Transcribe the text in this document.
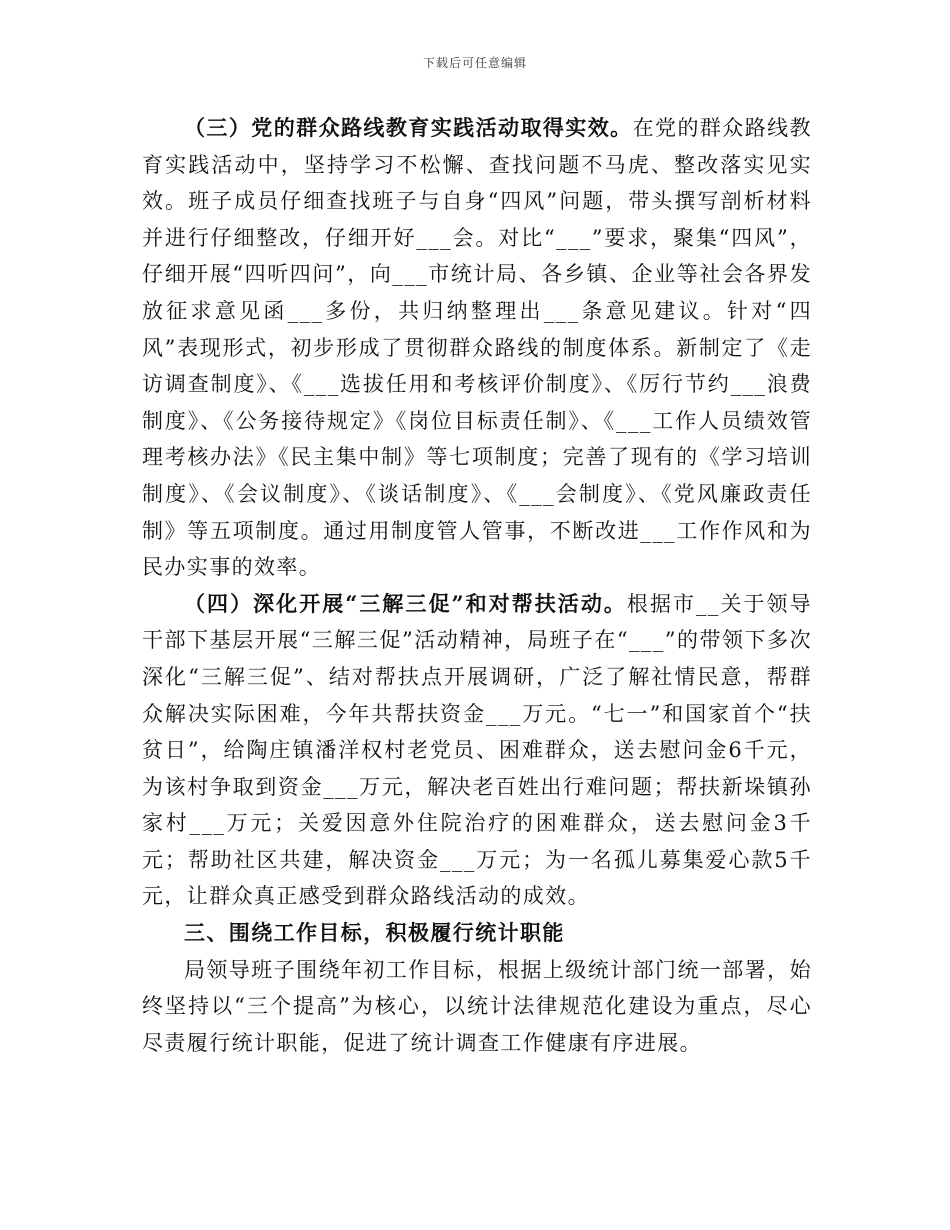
下载后可任意编辑

（三）党的群众路线教育实践活动取得实效。在党的群众路线教育实践活动中，坚持学习不松懈、查找问题不马虎、整改落实见实效。班子成员仔细查找班子与自身“四风”问题，带头撰写剖析材料并进行仔细整改，仔细开好___会。对比“___”要求，聚集“四风”，仔细开展“四听四问”，向___市统计局、各乡镇、企业等社会各界发放征求意见函___多份，共归纳整理出___条意见建议。针对“四风”表现形式，初步形成了贯彻群众路线的制度体系。新制定了《走访调查制度》、《___选拔任用和考核评价制度》、《厉行节约___浪费制度》、《公务接待规定》《岗位目标责任制》、《___工作人员绩效管理考核办法》《民主集中制》等七项制度；完善了现有的《学习培训制度》、《会议制度》、《谈话制度》、《___会制度》、《党风廉政责任制》等五项制度。通过用制度管人管事，不断改进___工作作风和为民办实事的效率。

（四）深化开展“三解三促”和对帮扶活动。根据市__关于领导干部下基层开展“三解三促”活动精神，局班子在“___”的带领下多次深化“三解三促”、结对帮扶点开展调研，广泛了解社情民意，帮群众解决实际困难，今年共帮扶资金___万元。“七一”和国家首个“扶贫日”，给陶庄镇潘洋权村老党员、困难群众，送去慰问金6千元，为该村争取到资金___万元，解决老百姓出行难问题；帮扶新垛镇孙家村___万元；关爱因意外住院治疗的困难群众，送去慰问金3千元；帮助社区共建，解决资金___万元；为一名孤儿募集爱心款5千元，让群众真正感受到群众路线活动的成效。

三、围绕工作目标，积极履行统计职能

局领导班子围绕年初工作目标，根据上级统计部门统一部署，始终坚持以“三个提高”为核心，以统计法律规范化建设为重点，尽心尽责履行统计职能，促进了统计调查工作健康有序进展。
